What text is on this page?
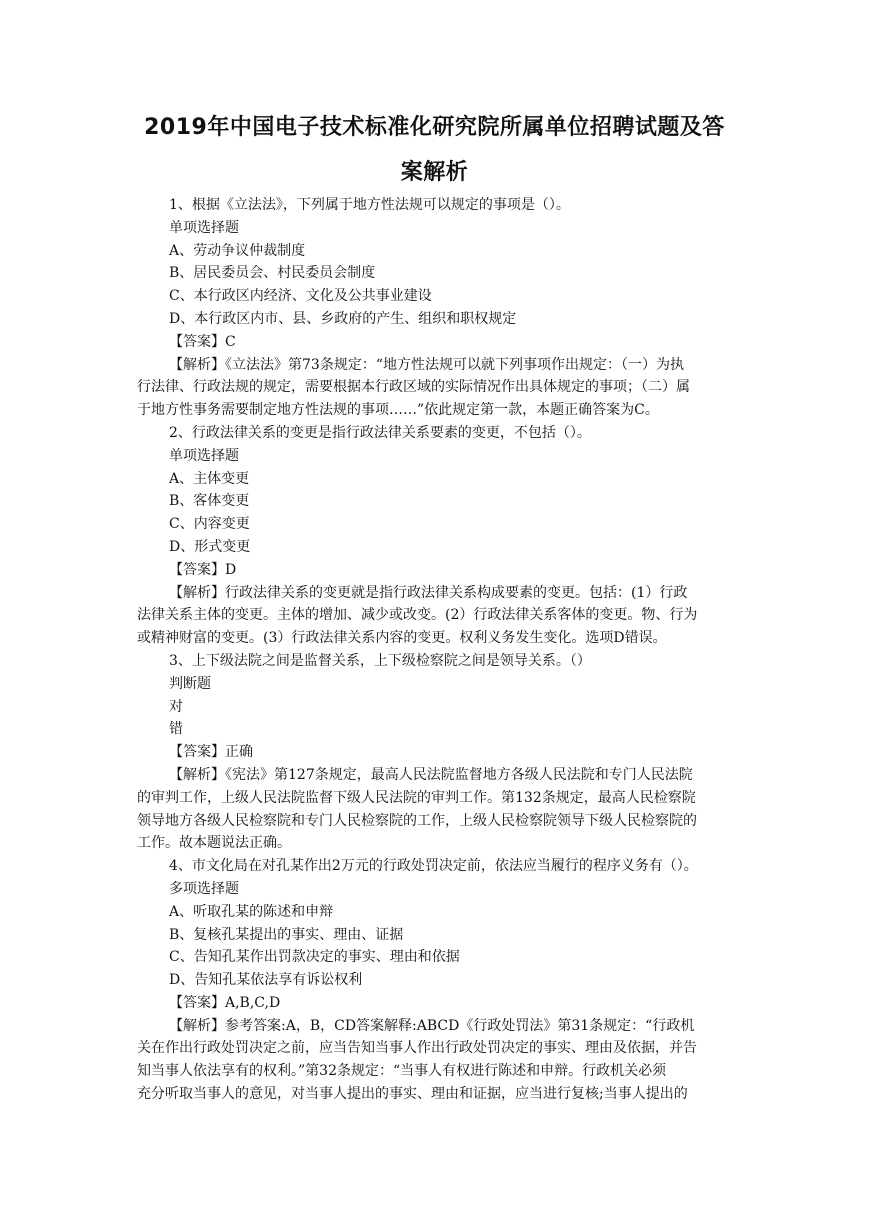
2019年中国电子技术标准化研究院所属单位招聘试题及答
案解析

1、根据《立法法》，下列属于地方性法规可以规定的事项是（）。

单项选择题

A、劳动争议仲裁制度

B、居民委员会、村民委员会制度

C、本行政区内经济、文化及公共事业建设

D、本行政区内市、县、乡政府的产生、组织和职权规定

【答案】C

【解析】《立法法》第73条规定：“地方性法规可以就下列事项作出规定：（一）为执

行法律、行政法规的规定，需要根据本行政区域的实际情况作出具体规定的事项；（二）属

于地方性事务需要制定地方性法规的事项……”依此规定第一款，本题正确答案为C。

2、行政法律关系的变更是指行政法律关系要素的变更，不包括（）。

单项选择题

A、主体变更

B、客体变更

C、内容变更

D、形式变更

【答案】D

【解析】行政法律关系的变更就是指行政法律关系构成要素的变更。包括：(1）行政

法律关系主体的变更。主体的增加、减少或改变。(2）行政法律关系客体的变更。物、行为

或精神财富的变更。(3）行政法律关系内容的变更。权利义务发生变化。选项D错误。

3、上下级法院之间是监督关系，上下级检察院之间是领导关系。（）

判断题

对

错

【答案】正确

【解析】《宪法》第127条规定，最高人民法院监督地方各级人民法院和专门人民法院

的审判工作，上级人民法院监督下级人民法院的审判工作。第132条规定，最高人民检察院

领导地方各级人民检察院和专门人民检察院的工作，上级人民检察院领导下级人民检察院的

工作。故本题说法正确。

4、市文化局在对孔某作出2万元的行政处罚决定前，依法应当履行的程序义务有（）。

多项选择题

A、听取孔某的陈述和申辩

B、复核孔某提出的事实、理由、证据

C、告知孔某作出罚款决定的事实、理由和依据

D、告知孔某依法享有诉讼权利

【答案】A,B,C,D

【解析】参考答案:A，B，CD答案解释:ABCD《行政处罚法》第31条规定：“行政机

关在作出行政处罚决定之前，应当告知当事人作出行政处罚决定的事实、理由及依据，并告

知当事人依法享有的权利。”第32条规定：“当事人有权进行陈述和申辩。行政机关必须

充分听取当事人的意见，对当事人提出的事实、理由和证据，应当进行复核;当事人提出的
